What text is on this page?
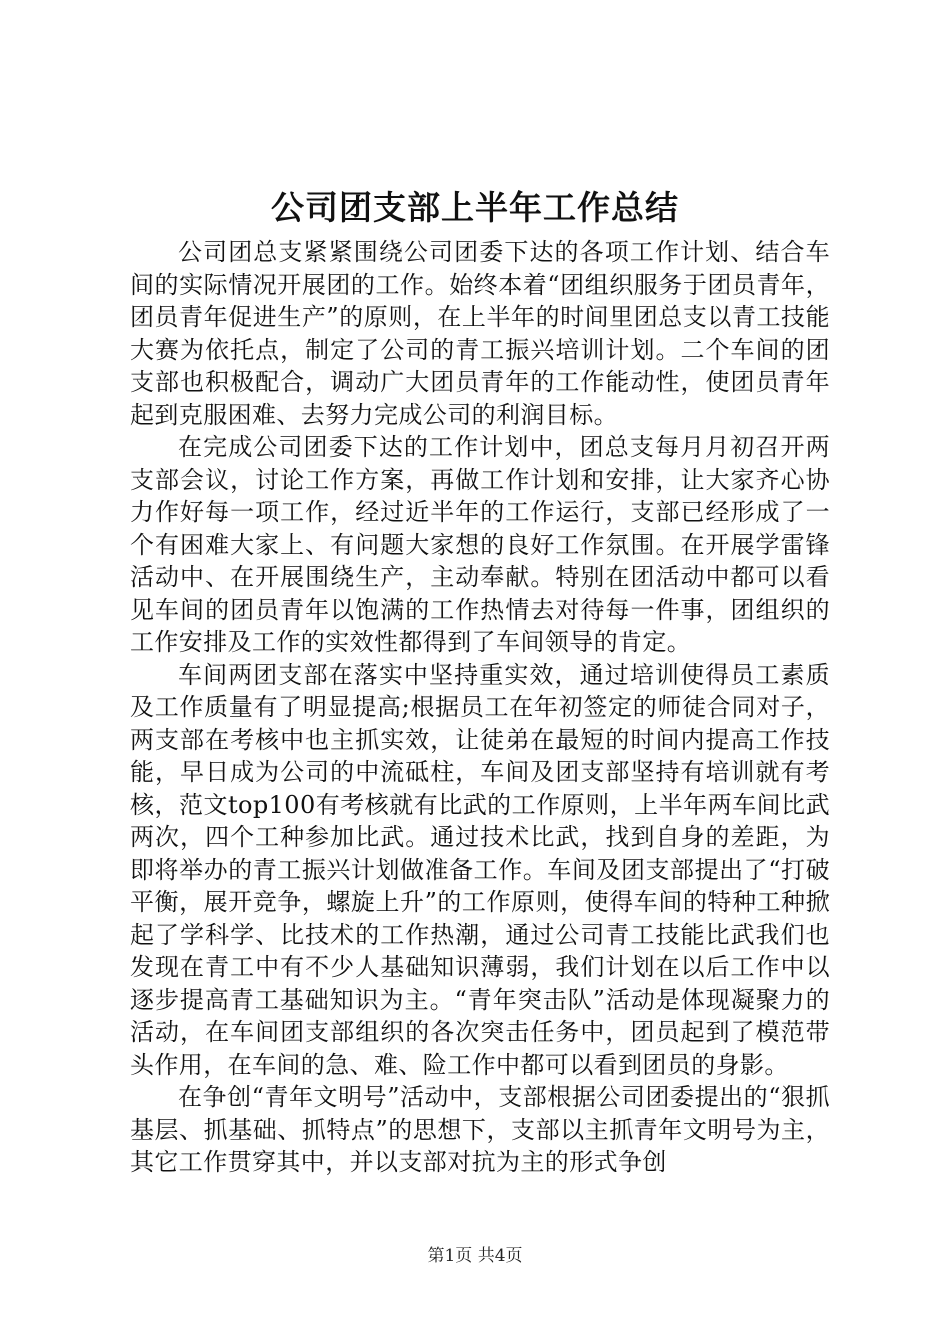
公司团支部上半年工作总结

公司团总支紧紧围绕公司团委下达的各项工作计划、结合车间的实际情况开展团的工作。始终本着“团组织服务于团员青年，团员青年促进生产”的原则，在上半年的时间里团总支以青工技能大赛为依托点，制定了公司的青工振兴培训计划。二个车间的团支部也积极配合，调动广大团员青年的工作能动性，使团员青年起到克服困难、去努力完成公司的利润目标。

在完成公司团委下达的工作计划中，团总支每月月初召开两支部会议，讨论工作方案，再做工作计划和安排，让大家齐心协力作好每一项工作，经过近半年的工作运行，支部已经形成了一个有困难大家上、有问题大家想的良好工作氛围。在开展学雷锋活动中、在开展围绕生产，主动奉献。特别在团活动中都可以看见车间的团员青年以饱满的工作热情去对待每一件事，团组织的工作安排及工作的实效性都得到了车间领导的肯定。

车间两团支部在落实中坚持重实效，通过培训使得员工素质及工作质量有了明显提高;根据员工在年初签定的师徒合同对子，两支部在考核中也主抓实效，让徒弟在最短的时间内提高工作技能，早日成为公司的中流砥柱，车间及团支部坚持有培训就有考核，范文top100有考核就有比武的工作原则，上半年两车间比武两次，四个工种参加比武。通过技术比武，找到自身的差距，为即将举办的青工振兴计划做准备工作。车间及团支部提出了“打破平衡，展开竞争，螺旋上升”的工作原则，使得车间的特种工种掀起了学科学、比技术的工作热潮，通过公司青工技能比武我们也发现在青工中有不少人基础知识薄弱，我们计划在以后工作中以逐步提高青工基础知识为主。“青年突击队”活动是体现凝聚力的活动，在车间团支部组织的各次突击任务中，团员起到了模范带头作用，在车间的急、难、险工作中都可以看到团员的身影。

在争创“青年文明号”活动中，支部根据公司团委提出的“狠抓基层、抓基础、抓特点”的思想下，支部以主抓青年文明号为主，其它工作贯穿其中，并以支部对抗为主的形式争创

第1页 共4页
